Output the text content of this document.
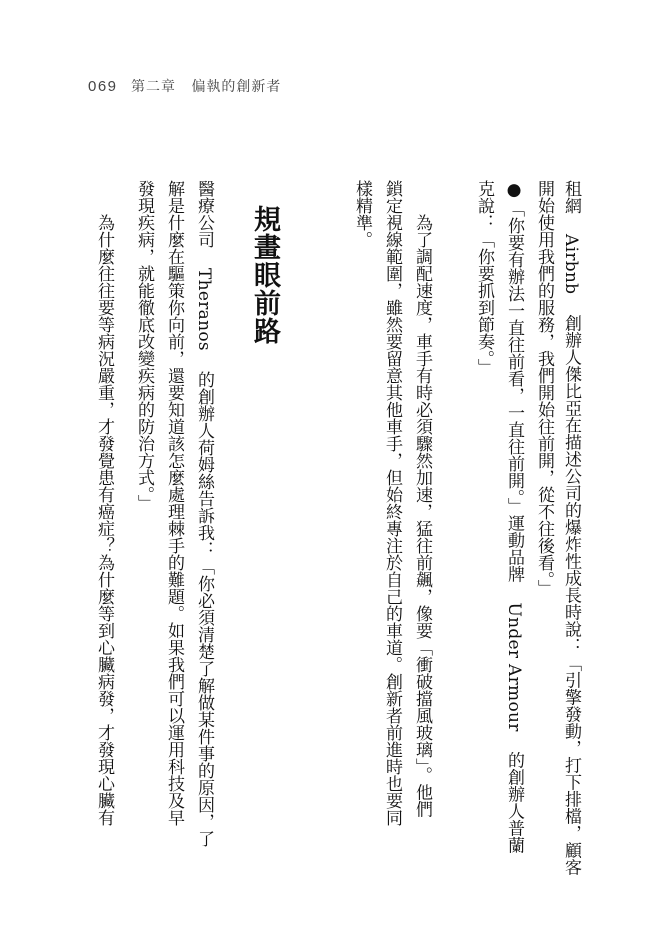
069 第二章 偏執的創新者
租網 Airbnb 創辦人傑比亞在描述公司的爆炸性成長時說：「引擎發動，打下排檔，顧客
開始使用我們的服務，我們開始往前開，從不往後看。」
●「你要有辦法一直往前看，一直往前開。」運動品牌 Under Armour 的創辦人普蘭
克說：「你要抓到節奏。」
為了調配速度，車手有時必須驟然加速，猛往前飆，像要「衝破擋風玻璃」。他們
鎖定視線範圍，雖然要留意其他車手，但始終專注於自己的車道。創新者前進時也要同
樣精準。
規畫眼前路
醫療公司 Theranos 的創辦人荷姆絲告訴我：「你必須清楚了解做某件事的原因，了
解是什麼在驅策你向前，還要知道該怎麼處理棘手的難題。如果我們可以運用科技及早
發現疾病，就能徹底改變疾病的防治方式。」
為什麼往往要等病況嚴重，才發覺患有癌症？為什麼等到心臟病發，才發現心臟有
